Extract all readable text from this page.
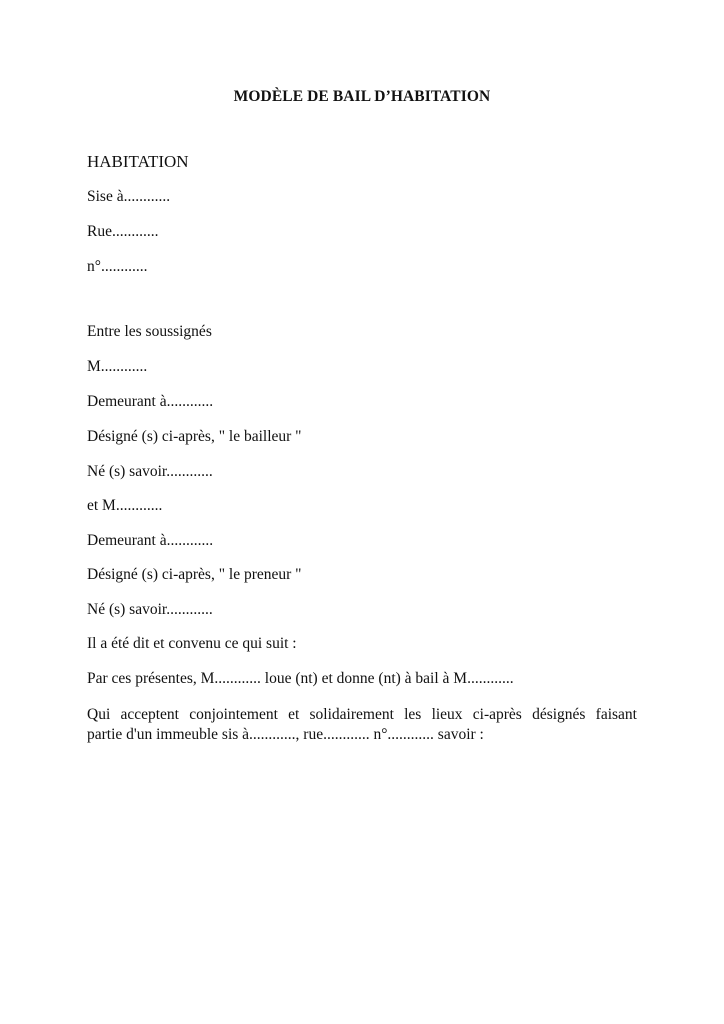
MODÈLE DE BAIL D’HABITATION
HABITATION
Sise à............
Rue............
n°............
Entre les soussignés
M............
Demeurant à............
Désigné (s) ci-après, " le bailleur "
Né (s) savoir............
et M............
Demeurant à............
Désigné (s) ci-après, " le preneur "
Né (s) savoir............
Il a été dit et convenu ce qui suit :
Par ces présentes, M............ loue (nt) et donne (nt) à bail à M............
Qui acceptent conjointement et solidairement les lieux ci-après désignés faisant
partie d'un immeuble sis à............, rue............ n°............ savoir :
